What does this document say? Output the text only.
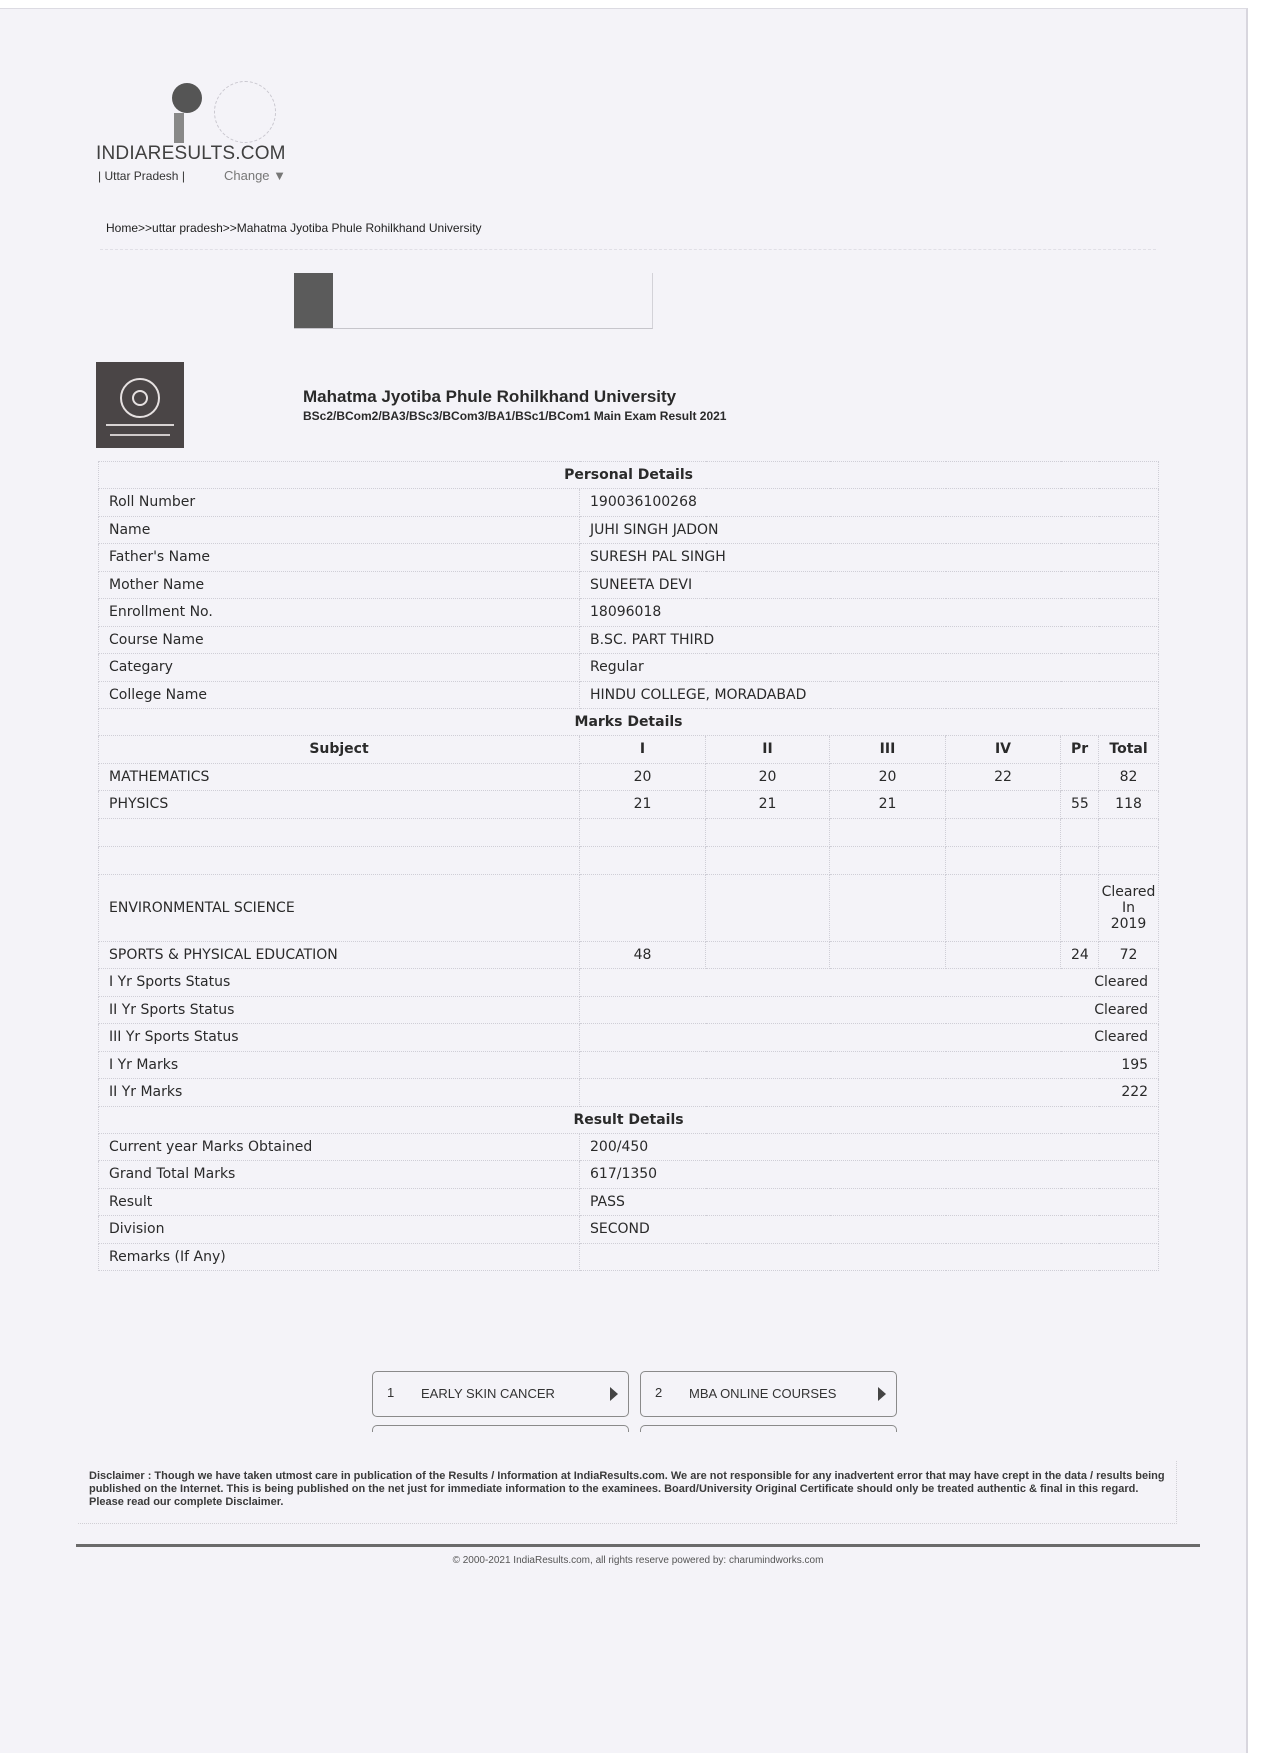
INDIARESULTS.COM
| Uttar Pradesh |	Change ▼
Home>>uttar pradesh>>Mahatma Jyotiba Phule Rohilkhand University
Mahatma Jyotiba Phule Rohilkhand University
BSc2/BCom2/BA3/BSc3/BCom3/BA1/BSc1/BCom1 Main Exam Result 2021
Personal Details						
Roll Number	190036100268					
Name	JUHI SINGH JADON					
Father's Name	SURESH PAL SINGH					
Mother Name	SUNEETA DEVI					
Enrollment No.	18096018					
Course Name	B.SC. PART THIRD					
Categary	Regular					
College Name	HINDU COLLEGE, MORADABAD					
Marks Details						
Subject	I	II	III	IV	Pr	Total
MATHEMATICS	20	20	20	22		82
PHYSICS	21	21	21		55	118

ENVIRONMENTAL SCIENCE						Cleared
In
2019

SPORTS & PHYSICAL EDUCATION	48				24	72
I Yr Sports Status	Cleared					
II Yr Sports Status	Cleared					
III Yr Sports Status	Cleared					
I Yr Marks	195					
II Yr Marks	222					
Result Details						
Current year Marks Obtained	200/450					
Grand Total Marks	617/1350					
Result	PASS					
Division	SECOND					
Remarks (If Any)						
1 EARLY SKIN CANCER	2 MBA ONLINE COURSES
Disclaimer : Though we have taken utmost care in publication of the Results / Information at IndiaResults.com. We are not responsible for any inadvertent error that may have crept in the data / results being published on the Internet. This is being published on the net just for immediate information to the examinees. Board/University Original Certificate should only be treated authentic & final in this regard. Please read our complete Disclaimer.
© 2000-2021 IndiaResults.com, all rights reserve powered by: charumindworks.com
